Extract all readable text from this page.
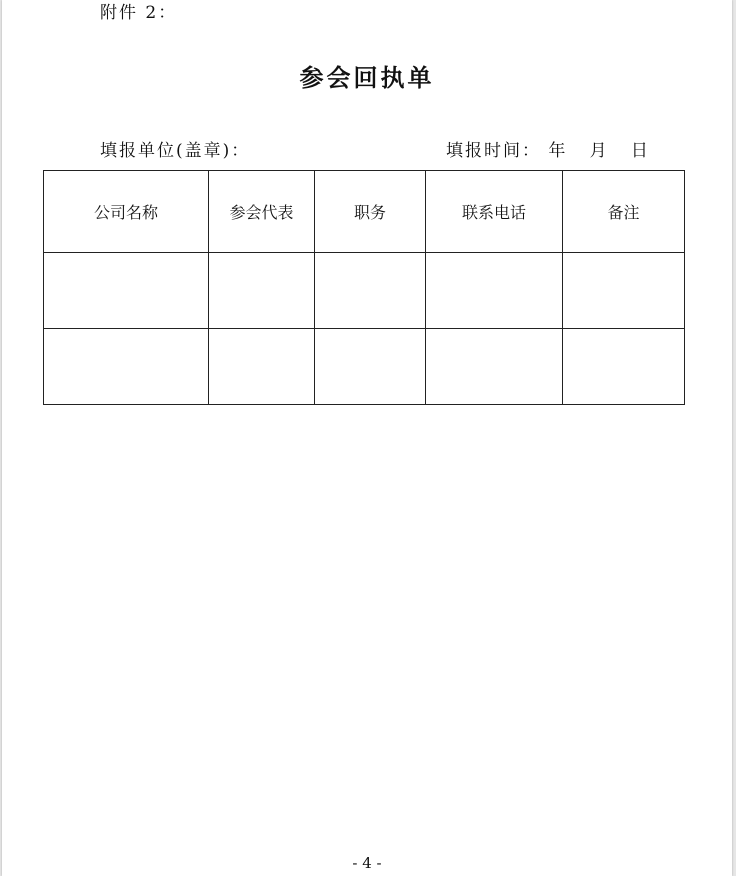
附件 2：
参会回执单
填报单位(盖章)：	填报时间： 年   月   日
公司名称	参会代表	职务	联系电话	备注

- 4 -
